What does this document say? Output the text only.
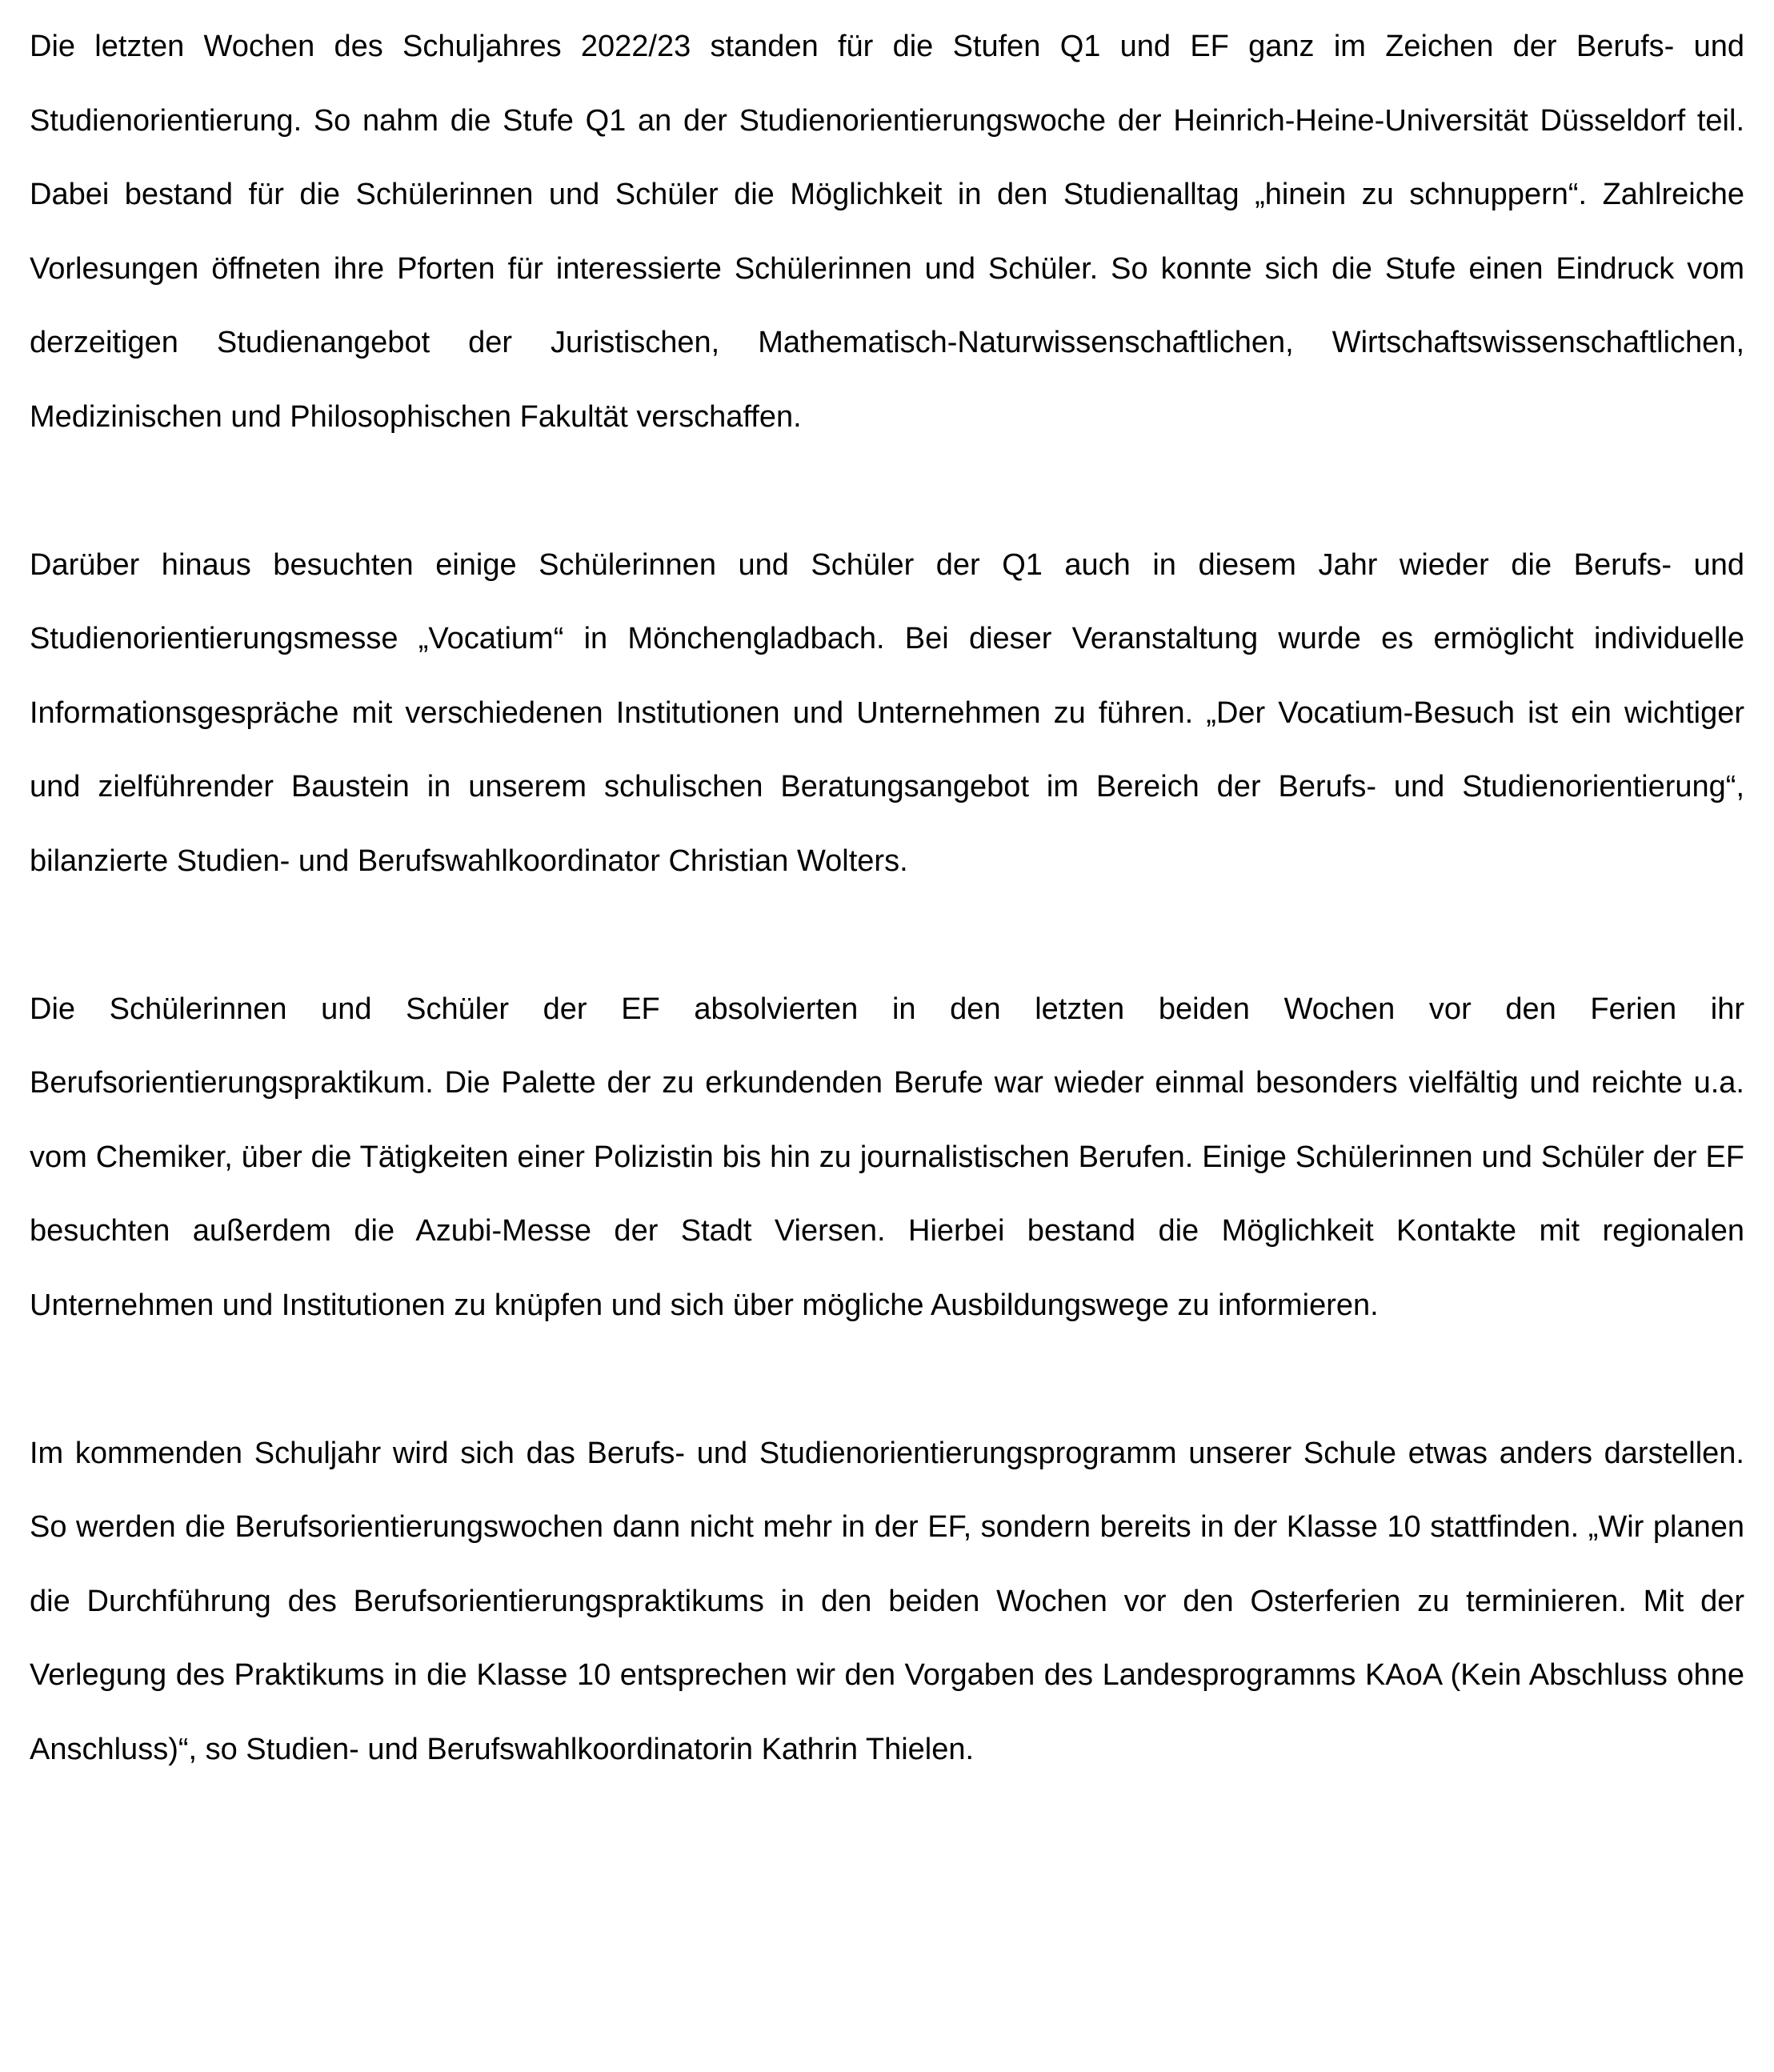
Die letzten Wochen des Schuljahres 2022/23 standen für die Stufen Q1 und EF ganz im Zeichen der Berufs- und Studienorientierung. So nahm die Stufe Q1 an der Studienorientierungswoche der Heinrich-Heine-Universität Düsseldorf teil. Dabei bestand für die Schülerinnen und Schüler die Möglichkeit in den Studienalltag „hinein zu schnuppern“. Zahlreiche Vorlesungen öffneten ihre Pforten für interessierte Schülerinnen und Schüler. So konnte sich die Stufe einen Eindruck vom derzeitigen Studienangebot der Juristischen, Mathematisch-Naturwissenschaftlichen, Wirtschaftswissenschaftlichen, Medizinischen und Philosophischen Fakultät verschaffen.

Darüber hinaus besuchten einige Schülerinnen und Schüler der Q1 auch in diesem Jahr wieder die Berufs- und Studienorientierungsmesse „Vocatium“ in Mönchengladbach. Bei dieser Veranstaltung wurde es ermöglicht individuelle Informationsgespräche mit verschiedenen Institutionen und Unternehmen zu führen. „Der Vocatium-Besuch ist ein wichtiger und zielführender Baustein in unserem schulischen Beratungsangebot im Bereich der Berufs- und Studienorientierung“, bilanzierte Studien- und Berufswahlkoordinator Christian Wolters.

Die Schülerinnen und Schüler der EF absolvierten in den letzten beiden Wochen vor den Ferien ihr Berufsorientierungspraktikum. Die Palette der zu erkundenden Berufe war wieder einmal besonders vielfältig und reichte u.a. vom Chemiker, über die Tätigkeiten einer Polizistin bis hin zu journalistischen Berufen. Einige Schülerinnen und Schüler der EF besuchten außerdem die Azubi-Messe der Stadt Viersen. Hierbei bestand die Möglichkeit Kontakte mit regionalen Unternehmen und Institutionen zu knüpfen und sich über mögliche Ausbildungswege zu informieren.

Im kommenden Schuljahr wird sich das Berufs- und Studienorientierungsprogramm unserer Schule etwas anders darstellen. So werden die Berufsorientierungswochen dann nicht mehr in der EF, sondern bereits in der Klasse 10 stattfinden. „Wir planen die Durchführung des Berufsorientierungspraktikums in den beiden Wochen vor den Osterferien zu terminieren. Mit der Verlegung des Praktikums in die Klasse 10 entsprechen wir den Vorgaben des Landesprogramms KAoA (Kein Abschluss ohne Anschluss)“, so Studien- und Berufswahlkoordinatorin Kathrin Thielen.
